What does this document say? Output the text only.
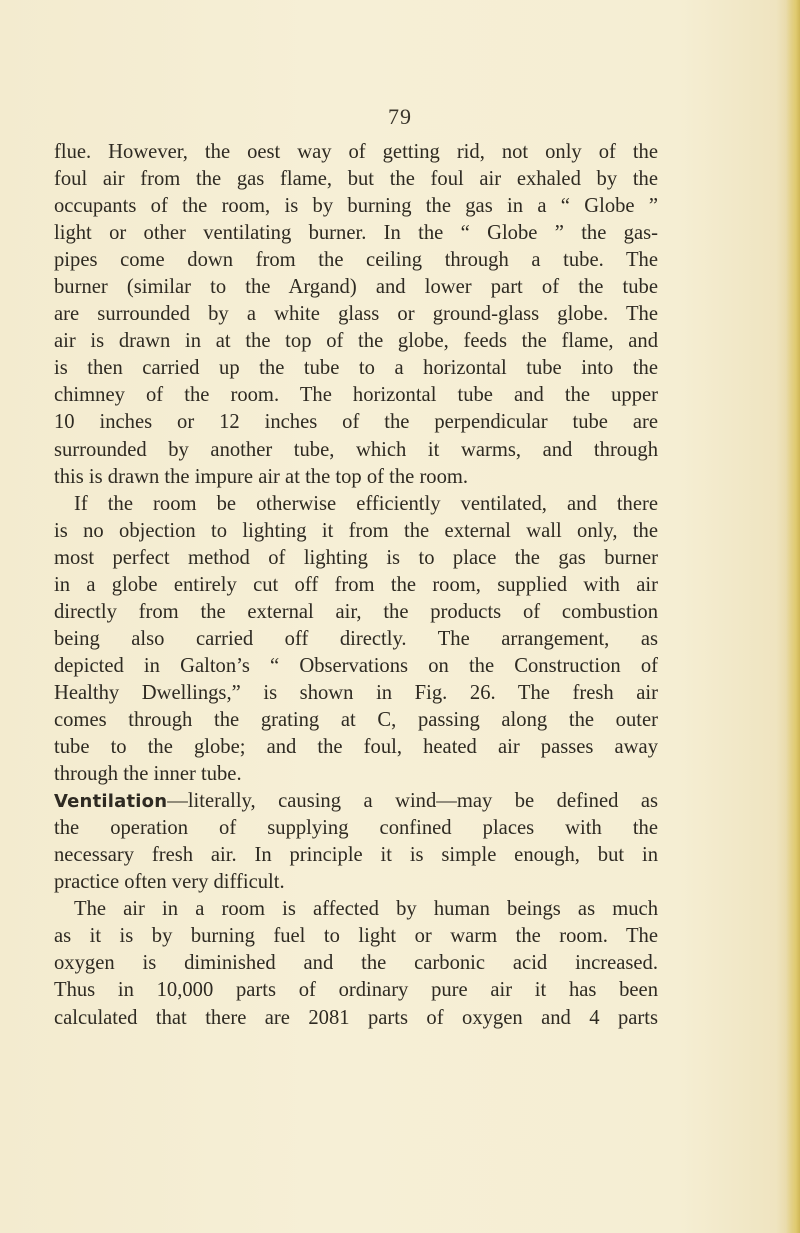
79
flue. However, the oest way of getting rid, not only of the
foul air from the gas flame, but the foul air exhaled by the
occupants of the room, is by burning the gas in a “ Globe ”
light or other ventilating burner. In the “ Globe ” the gas-
pipes come down from the ceiling through a tube. The
burner (similar to the Argand) and lower part of the tube
are surrounded by a white glass or ground-glass globe. The
air is drawn in at the top of the globe, feeds the flame, and
is then carried up the tube to a horizontal tube into the
chimney of the room. The horizontal tube and the upper
10 inches or 12 inches of the perpendicular tube are
surrounded by another tube, which it warms, and through
this is drawn the impure air at the top of the room.
If the room be otherwise efficiently ventilated, and there
is no objection to lighting it from the external wall only, the
most perfect method of lighting is to place the gas burner
in a globe entirely cut off from the room, supplied with air
directly from the external air, the products of combustion
being also carried off directly. The arrangement, as
depicted in Galton’s “ Observations on the Construction of
Healthy Dwellings,” is shown in Fig. 26. The fresh air
comes through the grating at C, passing along the outer
tube to the globe; and the foul, heated air passes away
through the inner tube.
Ventilation—literally, causing a wind—may be defined as
the operation of supplying confined places with the
necessary fresh air. In principle it is simple enough, but in
practice often very difficult.
The air in a room is affected by human beings as much
as it is by burning fuel to light or warm the room. The
oxygen is diminished and the carbonic acid increased.
Thus in 10,000 parts of ordinary pure air it has been
calculated that there are 2081 parts of oxygen and 4 parts
